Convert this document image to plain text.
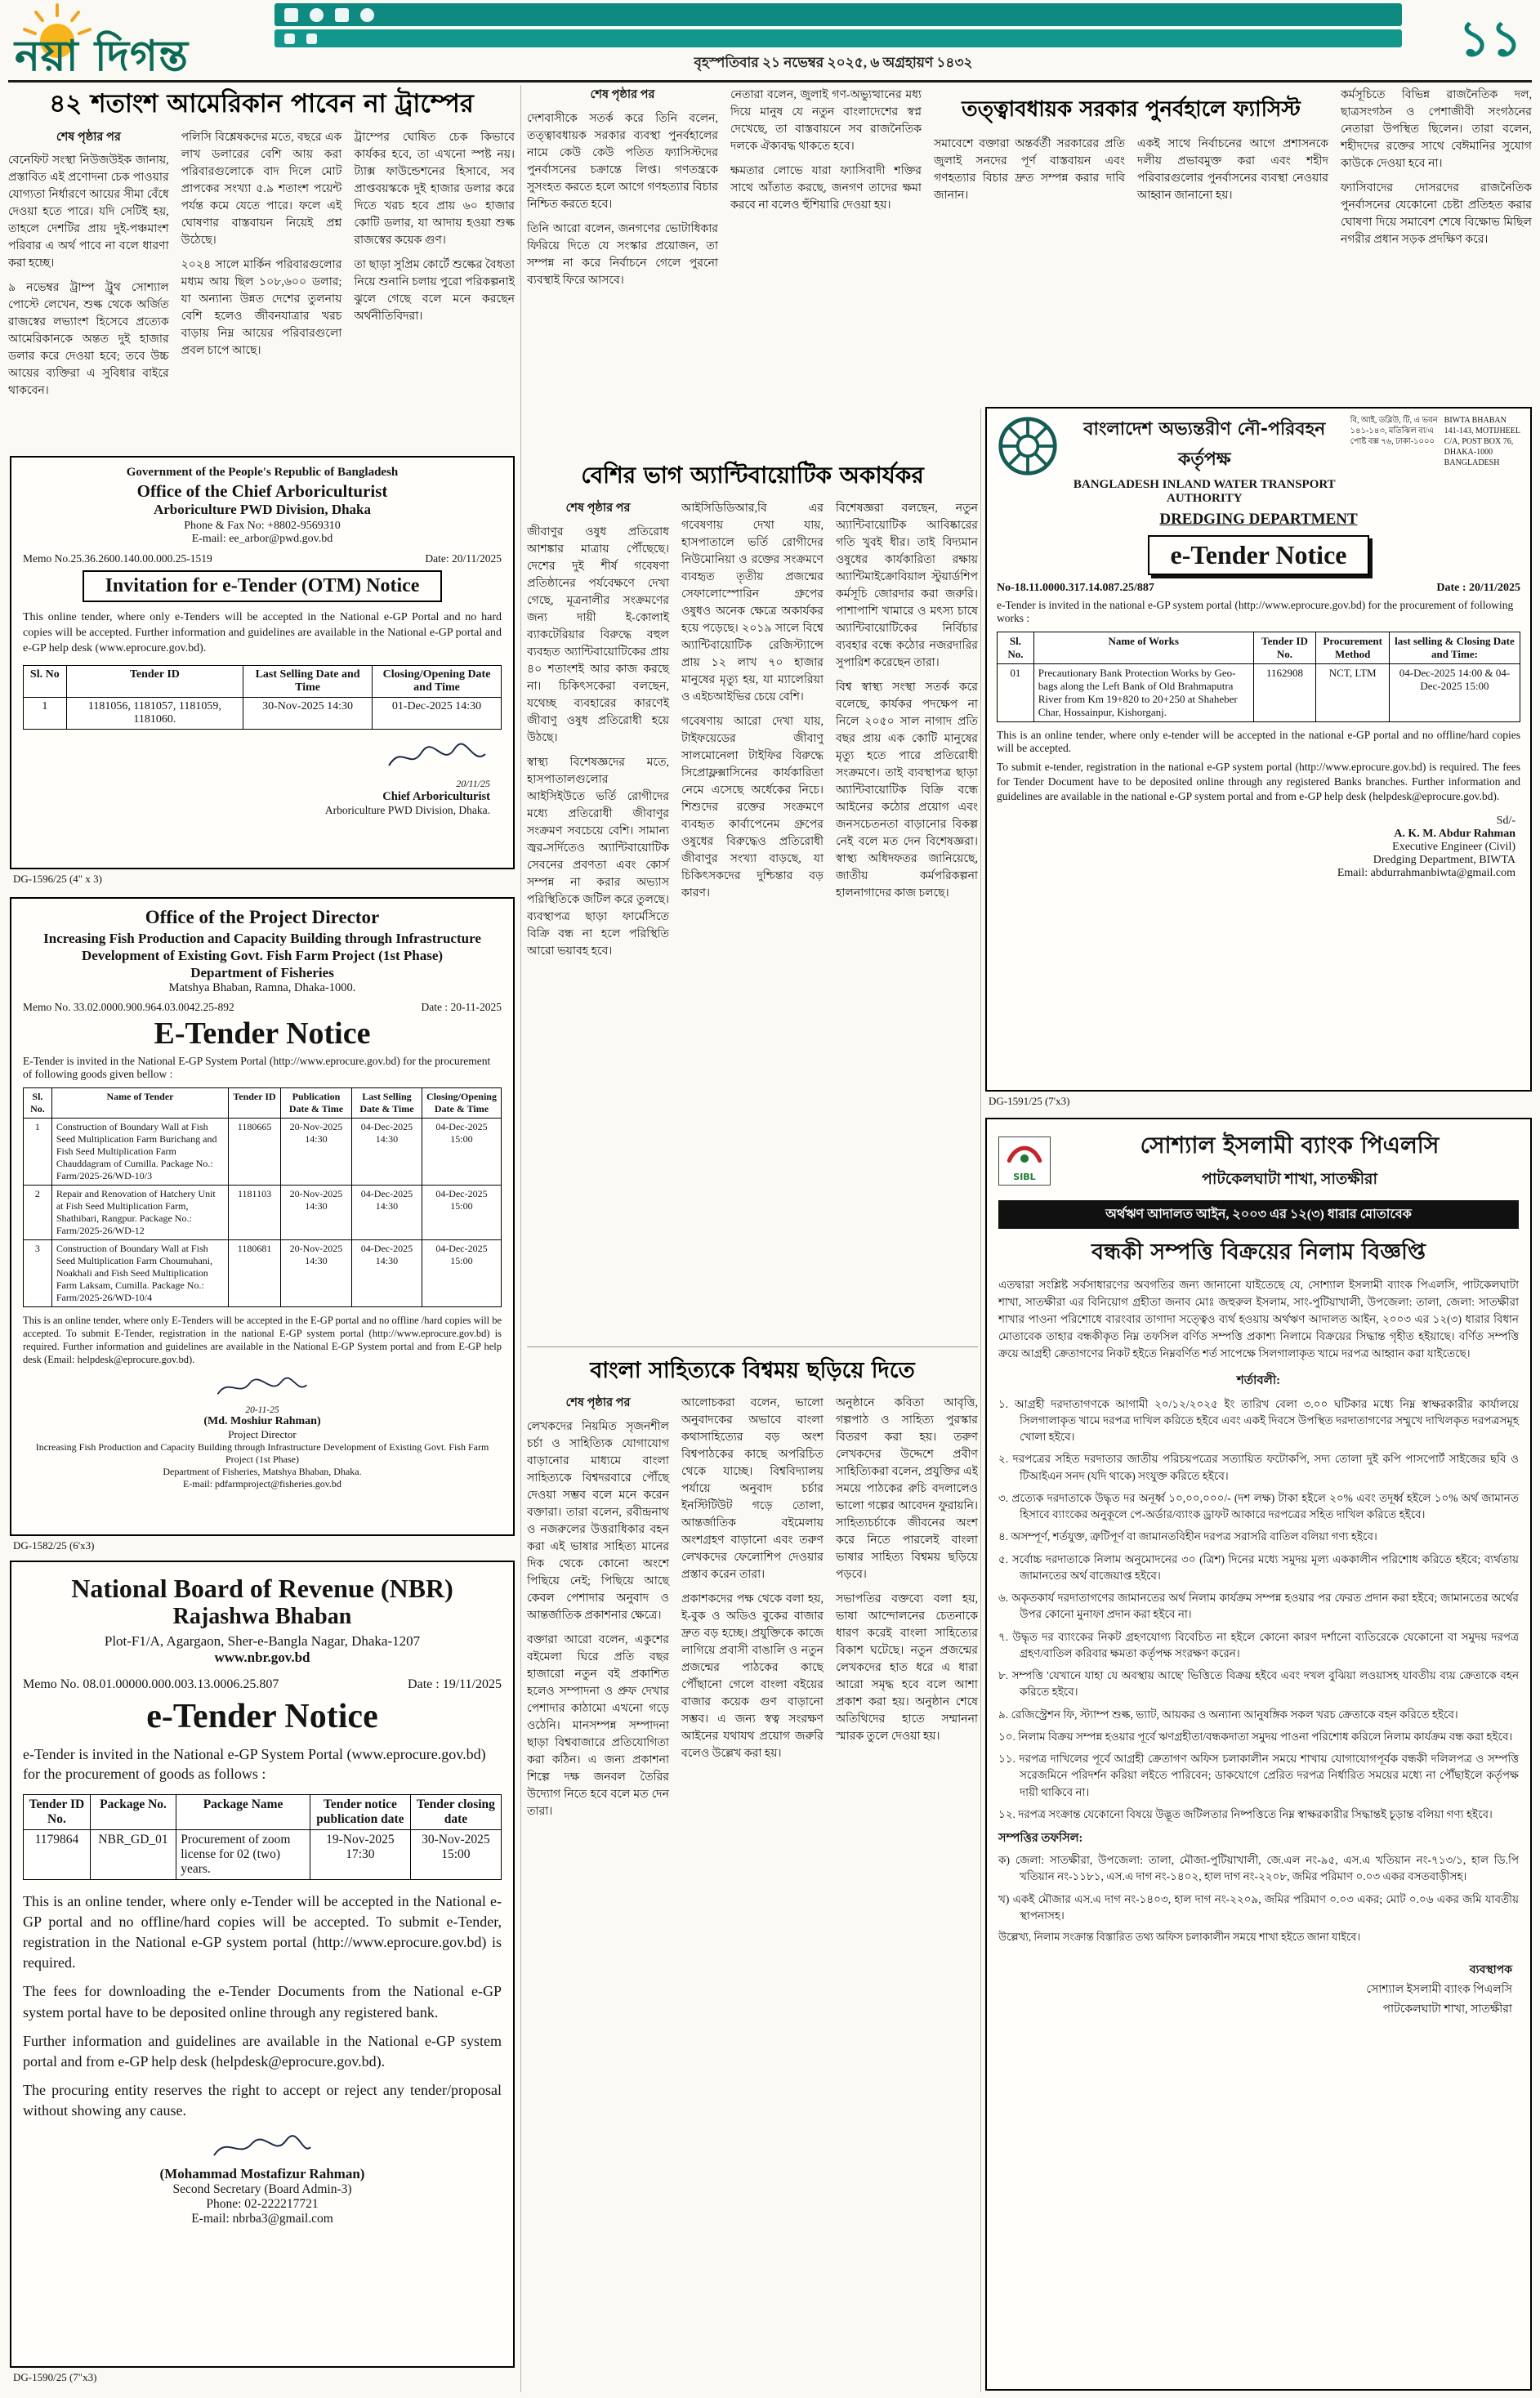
নয়া দিগন্ত	বৃহস্পতিবার ২১ নভেম্বর ২০২৫, ৬ অগ্রহায়ণ ১৪৩২	১১
৪২ শতাংশ আমেরিকান পাবেন না ট্রাম্পের
শেষ পৃষ্ঠার পর

বেনেফিট সংস্থা নিউজউইক জানায়, প্রস্তাবিত এই প্রণোদনা চেক পাওয়ার যোগ্যতা নির্ধারণে আয়ের সীমা বেঁধে দেওয়া হতে পারে। যদি সেটিই হয়, তাহলে দেশটির প্রায় দুই-পঞ্চমাংশ পরিবার এ অর্থ পাবে না বলে ধারণা করা হচ্ছে।

৯ নভেম্বর ট্রাম্প ট্রুথ সোশ্যাল পোস্টে লেখেন, শুল্ক থেকে অর্জিত রাজস্বের লভ্যাংশ হিসেবে প্রত্যেক আমেরিকানকে অন্তত দুই হাজার ডলার করে দেওয়া হবে; তবে উচ্চ আয়ের ব্যক্তিরা এ সুবিধার বাইরে থাকবেন।

পলিসি বিশ্লেষকদের মতে, বছরে এক লাখ ডলারের বেশি আয় করা পরিবারগুলোকে বাদ দিলে মোট প্রাপকের সংখ্যা ৫.৯ শতাংশ পয়েন্ট পর্যন্ত কমে যেতে পারে। ফলে এই ঘোষণার বাস্তবায়ন নিয়েই প্রশ্ন উঠেছে।

২০২৪ সালে মার্কিন পরিবারগুলোর মধ্যম আয় ছিল ১০৮,৬০০ ডলার; যা অন্যান্য উন্নত দেশের তুলনায় বেশি হলেও জীবনযাত্রার খরচ বাড়ায় নিম্ন আয়ের পরিবারগুলো প্রবল চাপে আছে।

ট্রাম্পের ঘোষিত চেক কিভাবে কার্যকর হবে, তা এখনো স্পষ্ট নয়। ট্যাক্স ফাউন্ডেশনের হিসাবে, সব প্রাপ্তবয়স্ককে দুই হাজার ডলার করে দিতে খরচ হবে প্রায় ৬০ হাজার কোটি ডলার, যা আদায় হওয়া শুল্ক রাজস্বের কয়েক গুণ।

তা ছাড়া সুপ্রিম কোর্টে শুল্কের বৈধতা নিয়ে শুনানি চলায় পুরো পরিকল্পনাই ঝুলে গেছে বলে মনে করছেন অর্থনীতিবিদরা।

শেষ পৃষ্ঠার পর

দেশবাসীকে সতর্ক করে তিনি বলেন, তত্ত্বাবধায়ক সরকার ব্যবস্থা পুনর্বহালের নামে কেউ কেউ পতিত ফ্যাসিস্টদের পুনর্বাসনের চক্রান্তে লিপ্ত। গণতন্ত্রকে সুসংহত করতে হলে আগে গণহত্যার বিচার নিশ্চিত করতে হবে।

তিনি আরো বলেন, জনগণের ভোটাধিকার ফিরিয়ে দিতে যে সংস্কার প্রয়োজন, তা সম্পন্ন না করে নির্বাচনে গেলে পুরনো ব্যবস্থাই ফিরে আসবে।

নেতারা বলেন, জুলাই গণ-অভ্যুত্থানের মধ্য দিয়ে মানুষ যে নতুন বাংলাদেশের স্বপ্ন দেখেছে, তা বাস্তবায়নে সব রাজনৈতিক দলকে ঐক্যবদ্ধ থাকতে হবে।

ক্ষমতার লোভে যারা ফ্যাসিবাদী শক্তির সাথে আঁতাত করছে, জনগণ তাদের ক্ষমা করবে না বলেও হুঁশিয়ারি দেওয়া হয়।

তত্ত্বাবধায়ক সরকার পুনর্বহালে ফ্যাসিস্ট

সমাবেশে বক্তারা অন্তর্বর্তী সরকারের প্রতি জুলাই সনদের পূর্ণ বাস্তবায়ন এবং গণহত্যার বিচার দ্রুত সম্পন্ন করার দাবি জানান।

একই সাথে নির্বাচনের আগে প্রশাসনকে দলীয় প্রভাবমুক্ত করা এবং শহীদ পরিবারগুলোর পুনর্বাসনের ব্যবস্থা নেওয়ার আহ্বান জানানো হয়।

কর্মসূচিতে বিভিন্ন রাজনৈতিক দল, ছাত্রসংগঠন ও পেশাজীবী সংগঠনের নেতারা উপস্থিত ছিলেন। তারা বলেন, শহীদদের রক্তের সাথে বেঈমানির সুযোগ কাউকে দেওয়া হবে না।

ফ্যাসিবাদের দোসরদের রাজনৈতিক পুনর্বাসনের যেকোনো চেষ্টা প্রতিহত করার ঘোষণা দিয়ে সমাবেশ শেষে বিক্ষোভ মিছিল নগরীর প্রধান সড়ক প্রদক্ষিণ করে।

Government of the People's Republic of Bangladesh
Office of the Chief Arboriculturist
Arboriculture PWD Division, Dhaka
Phone & Fax No: +8802-9569310
E-mail: ee_arbor@pwd.gov.bd
Memo No.25.36.2600.140.00.000.25-1519	Date: 20/11/2025
Invitation for e-Tender (OTM) Notice
This online tender, where only e-Tenders will be accepted in the National e-GP Portal and no hard copies will be accepted. Further information and guidelines are available in the National e-GP portal and e-GP help desk (www.eprocure.gov.bd).
Sl. No	Tender ID	Last Selling Date and Time	Closing/Opening Date and Time
1	1181056, 1181057, 1181059, 1181060.	30-Nov-2025 14:30	01-Dec-2025 14:30
20/11/25
Chief Arboriculturist
Arboriculture PWD Division, Dhaka.
DG-1596/25 (4" x 3)
Office of the Project Director
Increasing Fish Production and Capacity Building through Infrastructure Development of Existing Govt. Fish Farm Project (1st Phase)
Department of Fisheries
Matshya Bhaban, Ramna, Dhaka-1000.
Memo No. 33.02.0000.900.964.03.0042.25-892	Date : 20-11-2025
E-Tender Notice
E-Tender is invited in the National E-GP System Portal (http://www.eprocure.gov.bd) for the procurement of following goods given bellow :
Sl. No.	Name of Tender	Tender ID	Publication Date & Time	Last Selling Date & Time	Closing/Opening Date & Time
1	Construction of Boundary Wall at Fish Seed Multiplication Farm Burichang and Fish Seed Multiplication Farm Chauddagram of Cumilla. Package No.: Farm/2025-26/WD-10/3	1180665	20-Nov-2025 14:30	04-Dec-2025 14:30	04-Dec-2025 15:00
2	Repair and Renovation of Hatchery Unit at Fish Seed Multiplication Farm, Shathibari, Rangpur. Package No.: Farm/2025-26/WD-12	1181103	20-Nov-2025 14:30	04-Dec-2025 14:30	04-Dec-2025 15:00
3	Construction of Boundary Wall at Fish Seed Multiplication Farm Choumuhani, Noakhali and Fish Seed Multiplication Farm Laksam, Cumilla. Package No.: Farm/2025-26/WD-10/4	1180681	20-Nov-2025 14:30	04-Dec-2025 14:30	04-Dec-2025 15:00
This is an online tender, where only E-Tenders will be accepted in the E-GP portal and no offline /hard copies will be accepted. To submit E-Tender, registration in the national E-GP system portal (http://www.eprocure.gov.bd) is required. Further information and guidelines are available in the National E-GP System portal and from E-GP help desk (Email: helpdesk@eprocure.gov.bd).
20-11-25
(Md. Moshiur Rahman)
Project Director
Increasing Fish Production and Capacity Building through Infrastructure Development of Existing Govt. Fish Farm Project (1st Phase)
Department of Fisheries, Matshya Bhaban, Dhaka.
E-mail: pdfarmproject@fisheries.gov.bd
DG-1582/25 (6'x3)
National Board of Revenue (NBR)
Rajashwa Bhaban
Plot-F1/A, Agargaon, Sher-e-Bangla Nagar, Dhaka-1207
www.nbr.gov.bd
Memo No. 08.01.00000.000.003.13.0006.25.807	Date : 19/11/2025
e-Tender Notice
e-Tender is invited in the National e-GP System Portal (www.eprocure.gov.bd) for the procurement of goods as follows :
Tender ID No.	Package No.	Package Name	Tender notice publication date	Tender closing date
1179864	NBR_GD_01	Procurement of zoom license for 02 (two) years.	19-Nov-2025 17:30	30-Nov-2025 15:00
This is an online tender, where only e-Tender will be accepted in the National e-GP portal and no offline/hard copies will be accepted. To submit e-Tender, registration in the National e-GP system portal (http://www.eprocure.gov.bd) is required.
The fees for downloading the e-Tender Documents from the National e-GP system portal have to be deposited online through any registered bank.
Further information and guidelines are available in the National e-GP system portal and from e-GP help desk (helpdesk@eprocure.gov.bd).
The procuring entity reserves the right to accept or reject any tender/proposal without showing any cause.
(Mohammad Mostafizur Rahman)
Second Secretary (Board Admin-3)
Phone: 02-222217721
E-mail: nbrba3@gmail.com
DG-1590/25 (7"x3)
বেশির ভাগ অ্যান্টিবায়োটিক অকার্যকর
শেষ পৃষ্ঠার পর

জীবাণুর ওষুধ প্রতিরোধ আশঙ্কার মাত্রায় পৌঁছেছে। দেশের দুই শীর্ষ গবেষণা প্রতিষ্ঠানের পর্যবেক্ষণে দেখা গেছে, মূত্রনালীর সংক্রমণের জন্য দায়ী ই-কোলাই ব্যাকটেরিয়ার বিরুদ্ধে বহুল ব্যবহৃত অ্যান্টিবায়োটিকের প্রায় ৪০ শতাংশই আর কাজ করছে না। চিকিৎসকেরা বলছেন, যথেচ্ছ ব্যবহারের কারণেই জীবাণু ওষুধ প্রতিরোধী হয়ে উঠছে।

স্বাস্থ্য বিশেষজ্ঞদের মতে, হাসপাতালগুলোর আইসিইউতে ভর্তি রোগীদের মধ্যে প্রতিরোধী জীবাণুর সংক্রমণ সবচেয়ে বেশি। সামান্য জ্বর-সর্দিতেও অ্যান্টিবায়োটিক সেবনের প্রবণতা এবং কোর্স সম্পন্ন না করার অভ্যাস পরিস্থিতিকে জটিল করে তুলছে। ব্যবস্থাপত্র ছাড়া ফার্মেসিতে বিক্রি বন্ধ না হলে পরিস্থিতি আরো ভয়াবহ হবে।

আইসিডিডিআর,বি এর গবেষণায় দেখা যায়, হাসপাতালে ভর্তি রোগীদের নিউমোনিয়া ও রক্তের সংক্রমণে ব্যবহৃত তৃতীয় প্রজন্মের সেফালোস্পোরিন গ্রুপের ওষুধও অনেক ক্ষেত্রে অকার্যকর হয়ে পড়েছে। ২০১৯ সালে বিশ্বে অ্যান্টিবায়োটিক রেজিস্ট্যান্সে প্রায় ১২ লাখ ৭০ হাজার মানুষের মৃত্যু হয়, যা ম্যালেরিয়া ও এইচআইভির চেয়ে বেশি।

গবেষণায় আরো দেখা যায়, টাইফয়েডের জীবাণু সালমোনেলা টাইফির বিরুদ্ধে সিপ্রোফ্লক্সাসিনের কার্যকারিতা নেমে এসেছে অর্ধেকের নিচে। শিশুদের রক্তের সংক্রমণে ব্যবহৃত কার্বাপেনেম গ্রুপের ওষুধের বিরুদ্ধেও প্রতিরোধী জীবাণুর সংখ্যা বাড়ছে, যা চিকিৎসকদের দুশ্চিন্তার বড় কারণ।

বিশেষজ্ঞরা বলছেন, নতুন অ্যান্টিবায়োটিক আবিষ্কারের গতি খুবই ধীর। তাই বিদ্যমান ওষুধের কার্যকারিতা রক্ষায় অ্যান্টিমাইক্রোবিয়াল স্টুয়ার্ডশিপ কর্মসূচি জোরদার করা জরুরি। পাশাপাশি খামারে ও মৎস্য চাষে অ্যান্টিবায়োটিকের নির্বিচার ব্যবহার বন্ধে কঠোর নজরদারির সুপারিশ করেছেন তারা।

বিশ্ব স্বাস্থ্য সংস্থা সতর্ক করে বলেছে, কার্যকর পদক্ষেপ না নিলে ২০৫০ সাল নাগাদ প্রতি বছর প্রায় এক কোটি মানুষের মৃত্যু হতে পারে প্রতিরোধী সংক্রমণে। তাই ব্যবস্থাপত্র ছাড়া অ্যান্টিবায়োটিক বিক্রি বন্ধে আইনের কঠোর প্রয়োগ এবং জনসচেতনতা বাড়ানোর বিকল্প নেই বলে মত দেন বিশেষজ্ঞরা। স্বাস্থ্য অধিদফতর জানিয়েছে, জাতীয় কর্মপরিকল্পনা হালনাগাদের কাজ চলছে।

বাংলা সাহিত্যকে বিশ্বময় ছড়িয়ে দিতে
শেষ পৃষ্ঠার পর

লেখকদের নিয়মিত সৃজনশীল চর্চা ও সাহিত্যিক যোগাযোগ বাড়ানোর মাধ্যমে বাংলা সাহিত্যকে বিশ্বদরবারে পৌঁছে দেওয়া সম্ভব বলে মনে করেন বক্তারা। তারা বলেন, রবীন্দ্রনাথ ও নজরুলের উত্তরাধিকার বহন করা এই ভাষার সাহিত্য মানের দিক থেকে কোনো অংশে পিছিয়ে নেই; পিছিয়ে আছে কেবল পেশাদার অনুবাদ ও আন্তর্জাতিক প্রকাশনার ক্ষেত্রে।

বক্তারা আরো বলেন, একুশের বইমেলা ঘিরে প্রতি বছর হাজারো নতুন বই প্রকাশিত হলেও সম্পাদনা ও প্রুফ দেখার পেশাদার কাঠামো এখনো গড়ে ওঠেনি। মানসম্পন্ন সম্পাদনা ছাড়া বিশ্ববাজারে প্রতিযোগিতা করা কঠিন। এ জন্য প্রকাশনা শিল্পে দক্ষ জনবল তৈরির উদ্যোগ নিতে হবে বলে মত দেন তারা।

আলোচকরা বলেন, ভালো অনুবাদকের অভাবে বাংলা কথাসাহিত্যের বড় অংশ বিশ্বপাঠকের কাছে অপরিচিত থেকে যাচ্ছে। বিশ্ববিদ্যালয় পর্যায়ে অনুবাদ চর্চার ইনস্টিটিউট গড়ে তোলা, আন্তর্জাতিক বইমেলায় অংশগ্রহণ বাড়ানো এবং তরুণ লেখকদের ফেলোশিপ দেওয়ার প্রস্তাব করেন তারা।

প্রকাশকদের পক্ষ থেকে বলা হয়, ই-বুক ও অডিও বুকের বাজার দ্রুত বড় হচ্ছে। প্রযুক্তিকে কাজে লাগিয়ে প্রবাসী বাঙালি ও নতুন প্রজন্মের পাঠকের কাছে পৌঁছানো গেলে বাংলা বইয়ের বাজার কয়েক গুণ বাড়ানো সম্ভব। এ জন্য স্বত্ব সংরক্ষণ আইনের যথাযথ প্রয়োগ জরুরি বলেও উল্লেখ করা হয়।

অনুষ্ঠানে কবিতা আবৃত্তি, গল্পপাঠ ও সাহিত্য পুরস্কার বিতরণ করা হয়। তরুণ লেখকদের উদ্দেশে প্রবীণ সাহিত্যিকরা বলেন, প্রযুক্তির এই সময়ে পাঠকের রুচি বদলালেও ভালো গল্পের আবেদন ফুরায়নি। সাহিত্যচর্চাকে জীবনের অংশ করে নিতে পারলেই বাংলা ভাষার সাহিত্য বিশ্বময় ছড়িয়ে পড়বে।

সভাপতির বক্তব্যে বলা হয়, ভাষা আন্দোলনের চেতনাকে ধারণ করেই বাংলা সাহিত্যের বিকাশ ঘটেছে। নতুন প্রজন্মের লেখকদের হাত ধরে এ ধারা আরো সমৃদ্ধ হবে বলে আশা প্রকাশ করা হয়। অনুষ্ঠান শেষে অতিথিদের হাতে সম্মাননা স্মারক তুলে দেওয়া হয়।

বাংলাদেশ অভ্যন্তরীণ নৌ-পরিবহন কর্তৃপক্ষ
BANGLADESH INLAND WATER TRANSPORT AUTHORITY
বি, আই, ডব্লিউ, টি, এ ভবন
১৪১-১৪৩, মতিঝিল বা/এ
পোষ্ট বক্স ৭৬, ঢাকা-১০০০
BIWTA BHABAN
141-143, MOTIJHEEL
C/A, POST BOX 76,
DHAKA-1000
BANGLADESH
DREDGING DEPARTMENT
e-Tender Notice
No-18.11.0000.317.14.087.25/887	Date : 20/11/2025
e-Tender is invited in the national e-GP system portal (http://www.eprocure.gov.bd) for the procurement of following works :
Sl. No.	Name of Works	Tender ID No.	Procurement Method	last selling & Closing Date and Time:
01	Precautionary Bank Protection Works by Geo-bags along the Left Bank of Old Brahmaputra River from Km 19+820 to 20+250 at Shaheber Char, Hossainpur, Kishorganj.	1162908	NCT, LTM	04-Dec-2025 14:00 & 04-Dec-2025 15:00
This is an online tender, where only e-tender will be accepted in the national e-GP portal and no offline/hard copies will be accepted.
To submit e-tender, registration in the national e-GP system portal (http://www.eprocure.gov.bd) is required. The fees for Tender Document have to be deposited online through any registered Banks branches. Further information and guidelines are available in the national e-GP system portal and from e-GP help desk (helpdesk@eprocure.gov.bd).
Sd/-
A. K. M. Abdur Rahman
Executive Engineer (Civil)
Dredging Department, BIWTA
Email: abdurrahmanbiwta@gmail.com
DG-1591/25 (7'x3)
SIBL
সোশ্যাল ইসলামী ব্যাংক পিএলসি
পাটকেলঘাটা শাখা, সাতক্ষীরা
অর্থঋণ আদালত আইন, ২০০৩ এর ১২(৩) ধারার মোতাবেক
বন্ধকী সম্পত্তি বিক্রয়ের নিলাম বিজ্ঞপ্তি
এতদ্বারা সংশ্লিষ্ট সর্বসাধারণের অবগতির জন্য জানানো যাইতেছে যে, সোশ্যাল ইসলামী ব্যাংক পিএলসি, পাটকেলঘাটা শাখা, সাতক্ষীরা এর বিনিয়োগ গ্রহীতা জনাব মোঃ জহুরুল ইসলাম, সাং-পুটিয়াখালী, উপজেলা: তালা, জেলা: সাতক্ষীরা শাখার পাওনা পরিশোধে বারংবার তাগাদা সত্ত্বেও ব্যর্থ হওয়ায় অর্থঋণ আদালত আইন, ২০০৩ এর ১২(৩) ধারার বিধান মোতাবেক তাহার বন্ধকীকৃত নিম্ন তফসিল বর্ণিত সম্পত্তি প্রকাশ্য নিলামে বিক্রয়ের সিদ্ধান্ত গৃহীত হইয়াছে। বর্ণিত সম্পত্তি ক্রয়ে আগ্রহী ক্রেতাগণের নিকট হইতে নিম্নবর্ণিত শর্ত সাপেক্ষে সিলগালাকৃত খামে দরপত্র আহ্বান করা যাইতেছে।
শর্তাবলী:
১. আগ্রহী দরদাতাগণকে আগামী ২০/১২/২০২৫ ইং তারিখ বেলা ৩.০০ ঘটিকার মধ্যে নিম্ন স্বাক্ষরকারীর কার্যালয়ে সিলগালাকৃত খামে দরপত্র দাখিল করিতে হইবে এবং একই দিবসে উপস্থিত দরদাতাগণের সম্মুখে দাখিলকৃত দরপত্রসমূহ খোলা হইবে।
২. দরপত্রের সহিত দরদাতার জাতীয় পরিচয়পত্রের সত্যায়িত ফটোকপি, সদ্য তোলা দুই কপি পাসপোর্ট সাইজের ছবি ও টিআইএন সনদ (যদি থাকে) সংযুক্ত করিতে হইবে।
৩. প্রত্যেক দরদাতাকে উদ্ধৃত দর অনূর্ধ্ব ১০,০০,০০০/- (দশ লক্ষ) টাকা হইলে ২০% এবং তদূর্ধ্ব হইলে ১০% অর্থ জামানত হিসাবে ব্যাংকের অনুকূলে পে-অর্ডার/ব্যাংক ড্রাফট আকারে দরপত্রের সহিত দাখিল করিতে হইবে।
৪. অসম্পূর্ণ, শর্তযুক্ত, ত্রুটিপূর্ণ বা জামানতবিহীন দরপত্র সরাসরি বাতিল বলিয়া গণ্য হইবে।
৫. সর্বোচ্চ দরদাতাকে নিলাম অনুমোদনের ৩০ (ত্রিশ) দিনের মধ্যে সমুদয় মূল্য এককালীন পরিশোধ করিতে হইবে; ব্যর্থতায় জামানতের অর্থ বাজেয়াপ্ত হইবে।
৬. অকৃতকার্য দরদাতাগণের জামানতের অর্থ নিলাম কার্যক্রম সম্পন্ন হওয়ার পর ফেরত প্রদান করা হইবে; জামানতের অর্থের উপর কোনো মুনাফা প্রদান করা হইবে না।
৭. উদ্ধৃত দর ব্যাংকের নিকট গ্রহণযোগ্য বিবেচিত না হইলে কোনো কারণ দর্শানো ব্যতিরেকে যেকোনো বা সমুদয় দরপত্র গ্রহণ/বাতিল করিবার ক্ষমতা কর্তৃপক্ষ সংরক্ষণ করেন।
৮. সম্পত্তি 'যেখানে যাহা যে অবস্থায় আছে' ভিত্তিতে বিক্রয় হইবে এবং দখল বুঝিয়া লওয়াসহ যাবতীয় ব্যয় ক্রেতাকে বহন করিতে হইবে।
৯. রেজিস্ট্রেশন ফি, স্ট্যাম্প শুল্ক, ভ্যাট, আয়কর ও অন্যান্য আনুষঙ্গিক সকল খরচ ক্রেতাকে বহন করিতে হইবে।
১০. নিলাম বিক্রয় সম্পন্ন হওয়ার পূর্বে ঋণগ্রহীতা/বন্ধকদাতা সমুদয় পাওনা পরিশোধ করিলে নিলাম কার্যক্রম বন্ধ করা হইবে।
১১. দরপত্র দাখিলের পূর্বে আগ্রহী ক্রেতাগণ অফিস চলাকালীন সময়ে শাখায় যোগাযোগপূর্বক বন্ধকী দলিলপত্র ও সম্পত্তি সরেজমিনে পরিদর্শন করিয়া লইতে পারিবেন; ডাকযোগে প্রেরিত দরপত্র নির্ধারিত সময়ের মধ্যে না পৌঁছাইলে কর্তৃপক্ষ দায়ী থাকিবে না।
১২. দরপত্র সংক্রান্ত যেকোনো বিষয়ে উদ্ভূত জটিলতার নিষ্পত্তিতে নিম্ন স্বাক্ষরকারীর সিদ্ধান্তই চূড়ান্ত বলিয়া গণ্য হইবে।
সম্পত্তির তফসিল:
ক) জেলা: সাতক্ষীরা, উপজেলা: তালা, মৌজা-পুটিয়াখালী, জে.এল নং-৯৫, এস.এ খতিয়ান নং-৭১৩/১, হাল ডি.পি খতিয়ান নং-১১৮১, এস.এ দাগ নং-১৪০২, হাল দাগ নং-২২০৮, জমির পরিমাণ ০.০৩ একর বসতবাড়ীসহ।
খ) একই মৌজার এস.এ দাগ নং-১৪০৩, হাল দাগ নং-২২০৯, জমির পরিমাণ ০.০৩ একর; মোট ০.০৬ একর জমি যাবতীয় স্থাপনাসহ।
উল্লেখ্য, নিলাম সংক্রান্ত বিস্তারিত তথ্য অফিস চলাকালীন সময়ে শাখা হইতে জানা যাইবে।
ব্যবস্থাপক
সোশ্যাল ইসলামী ব্যাংক পিএলসি
পাটকেলঘাটা শাখা, সাতক্ষীরা
